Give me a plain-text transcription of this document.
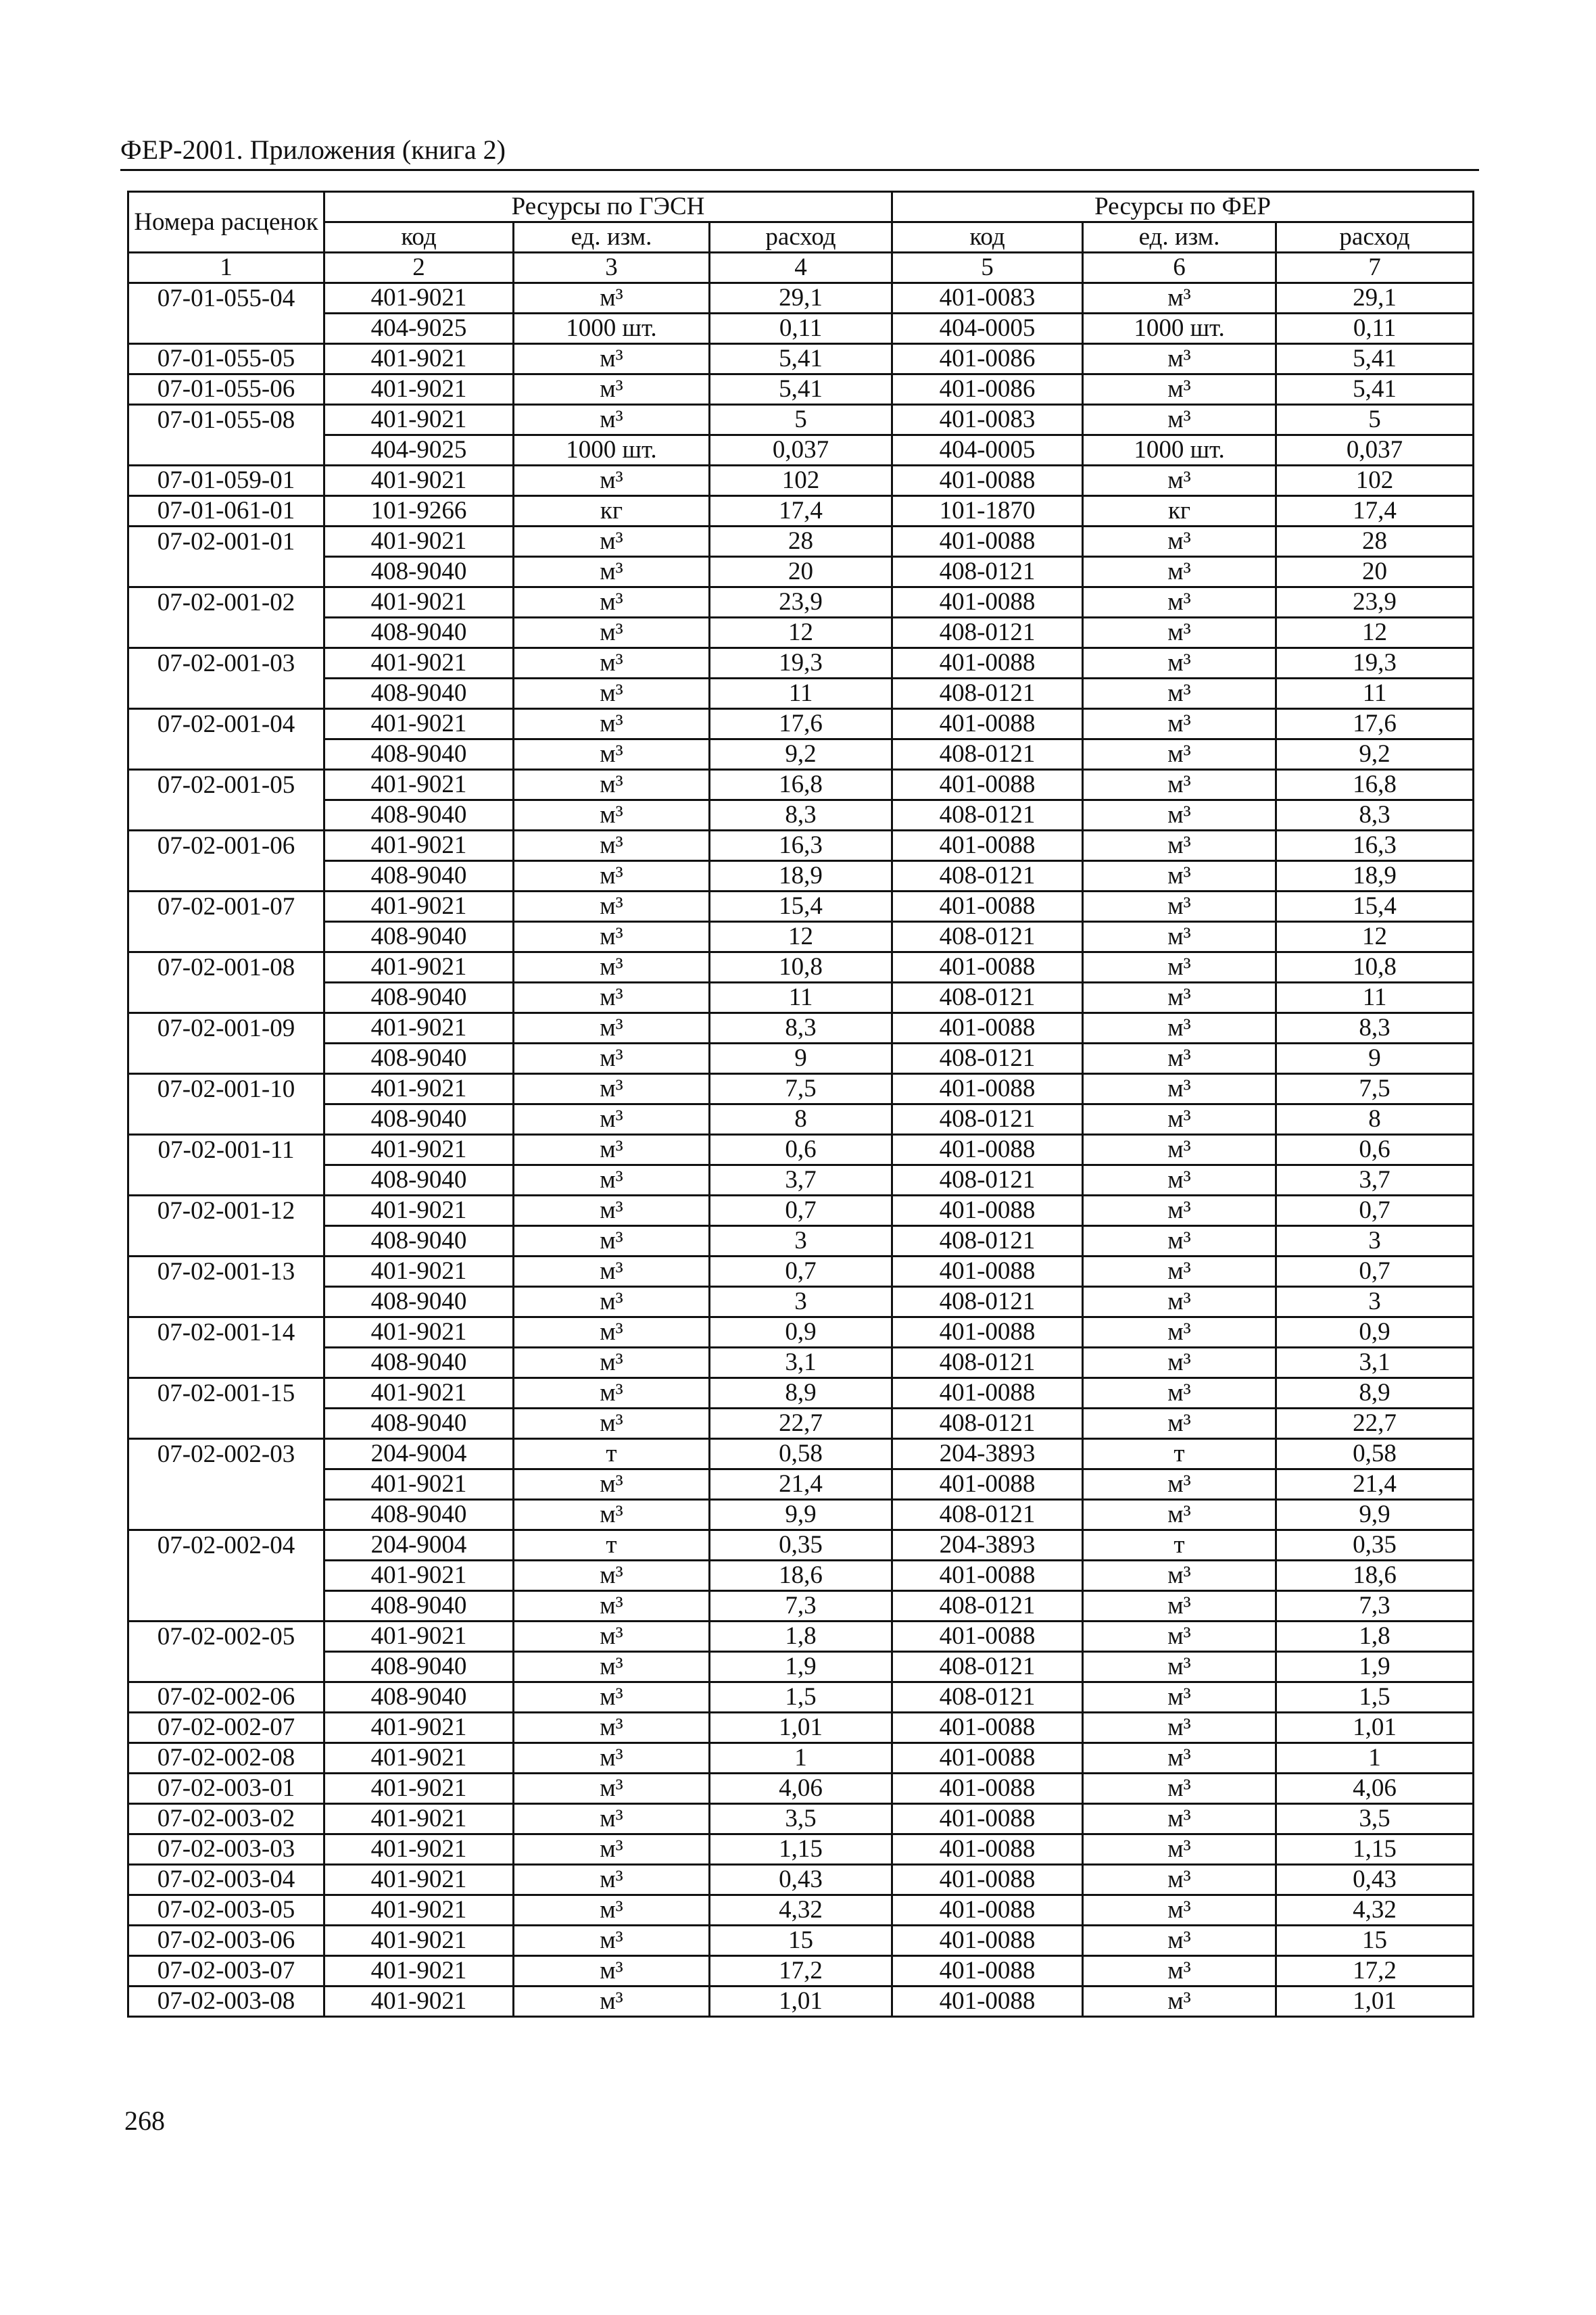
ФЕР-2001. Приложения (книга 2)
Номера расценок	Ресурсы по ГЭСН			Ресурсы по ФЕР		
	код	ед. изм.	расход	код	ед. изм.	расход
1	2	3	4	5	6	7
07-01-055-04	401-9021	м³	29,1	401-0083	м³	29,1
	404-9025	1000 шт.	0,11	404-0005	1000 шт.	0,11
07-01-055-05	401-9021	м³	5,41	401-0086	м³	5,41
07-01-055-06	401-9021	м³	5,41	401-0086	м³	5,41
07-01-055-08	401-9021	м³	5	401-0083	м³	5
	404-9025	1000 шт.	0,037	404-0005	1000 шт.	0,037
07-01-059-01	401-9021	м³	102	401-0088	м³	102
07-01-061-01	101-9266	кг	17,4	101-1870	кг	17,4
07-02-001-01	401-9021	м³	28	401-0088	м³	28
	408-9040	м³	20	408-0121	м³	20
07-02-001-02	401-9021	м³	23,9	401-0088	м³	23,9
	408-9040	м³	12	408-0121	м³	12
07-02-001-03	401-9021	м³	19,3	401-0088	м³	19,3
	408-9040	м³	11	408-0121	м³	11
07-02-001-04	401-9021	м³	17,6	401-0088	м³	17,6
	408-9040	м³	9,2	408-0121	м³	9,2
07-02-001-05	401-9021	м³	16,8	401-0088	м³	16,8
	408-9040	м³	8,3	408-0121	м³	8,3
07-02-001-06	401-9021	м³	16,3	401-0088	м³	16,3
	408-9040	м³	18,9	408-0121	м³	18,9
07-02-001-07	401-9021	м³	15,4	401-0088	м³	15,4
	408-9040	м³	12	408-0121	м³	12
07-02-001-08	401-9021	м³	10,8	401-0088	м³	10,8
	408-9040	м³	11	408-0121	м³	11
07-02-001-09	401-9021	м³	8,3	401-0088	м³	8,3
	408-9040	м³	9	408-0121	м³	9
07-02-001-10	401-9021	м³	7,5	401-0088	м³	7,5
	408-9040	м³	8	408-0121	м³	8
07-02-001-11	401-9021	м³	0,6	401-0088	м³	0,6
	408-9040	м³	3,7	408-0121	м³	3,7
07-02-001-12	401-9021	м³	0,7	401-0088	м³	0,7
	408-9040	м³	3	408-0121	м³	3
07-02-001-13	401-9021	м³	0,7	401-0088	м³	0,7
	408-9040	м³	3	408-0121	м³	3
07-02-001-14	401-9021	м³	0,9	401-0088	м³	0,9
	408-9040	м³	3,1	408-0121	м³	3,1
07-02-001-15	401-9021	м³	8,9	401-0088	м³	8,9
	408-9040	м³	22,7	408-0121	м³	22,7
07-02-002-03	204-9004	т	0,58	204-3893	т	0,58
	401-9021	м³	21,4	401-0088	м³	21,4
	408-9040	м³	9,9	408-0121	м³	9,9
07-02-002-04	204-9004	т	0,35	204-3893	т	0,35
	401-9021	м³	18,6	401-0088	м³	18,6
	408-9040	м³	7,3	408-0121	м³	7,3
07-02-002-05	401-9021	м³	1,8	401-0088	м³	1,8
	408-9040	м³	1,9	408-0121	м³	1,9
07-02-002-06	408-9040	м³	1,5	408-0121	м³	1,5
07-02-002-07	401-9021	м³	1,01	401-0088	м³	1,01
07-02-002-08	401-9021	м³	1	401-0088	м³	1
07-02-003-01	401-9021	м³	4,06	401-0088	м³	4,06
07-02-003-02	401-9021	м³	3,5	401-0088	м³	3,5
07-02-003-03	401-9021	м³	1,15	401-0088	м³	1,15
07-02-003-04	401-9021	м³	0,43	401-0088	м³	0,43
07-02-003-05	401-9021	м³	4,32	401-0088	м³	4,32
07-02-003-06	401-9021	м³	15	401-0088	м³	15
07-02-003-07	401-9021	м³	17,2	401-0088	м³	17,2
07-02-003-08	401-9021	м³	1,01	401-0088	м³	1,01
268
